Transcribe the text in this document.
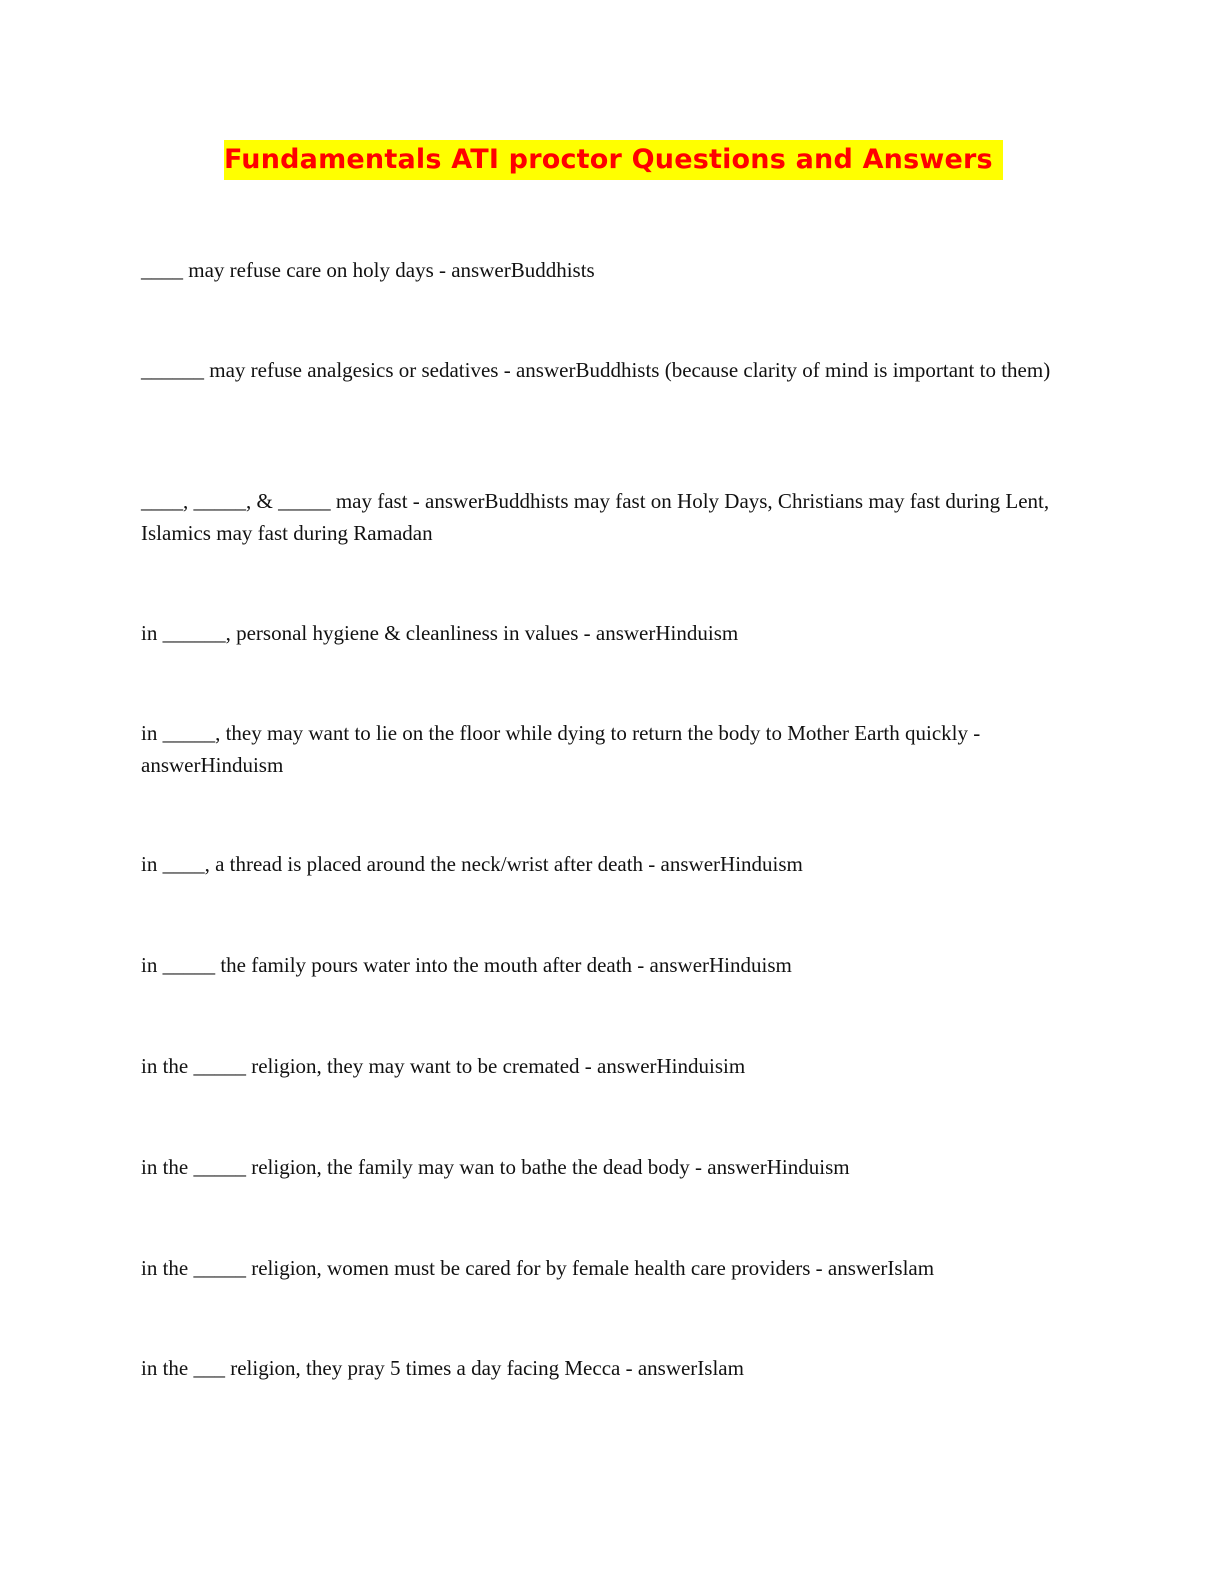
Fundamentals ATI proctor Questions and Answers

____ may refuse care on holy days - answerBuddhists

______ may refuse analgesics or sedatives - answerBuddhists (because clarity of mind is important to them)

____, _____, & _____ may fast - answerBuddhists may fast on Holy Days, Christians may fast during Lent, Islamics may fast during Ramadan

in ______, personal hygiene & cleanliness in values - answerHinduism

in _____, they may want to lie on the floor while dying to return the body to Mother Earth quickly - answerHinduism

in ____, a thread is placed around the neck/wrist after death - answerHinduism

in _____ the family pours water into the mouth after death - answerHinduism

in the _____ religion, they may want to be cremated - answerHinduisim

in the _____ religion, the family may wan to bathe the dead body - answerHinduism

in the _____ religion, women must be cared for by female health care providers - answerIslam

in the ___ religion, they pray 5 times a day facing Mecca - answerIslam
